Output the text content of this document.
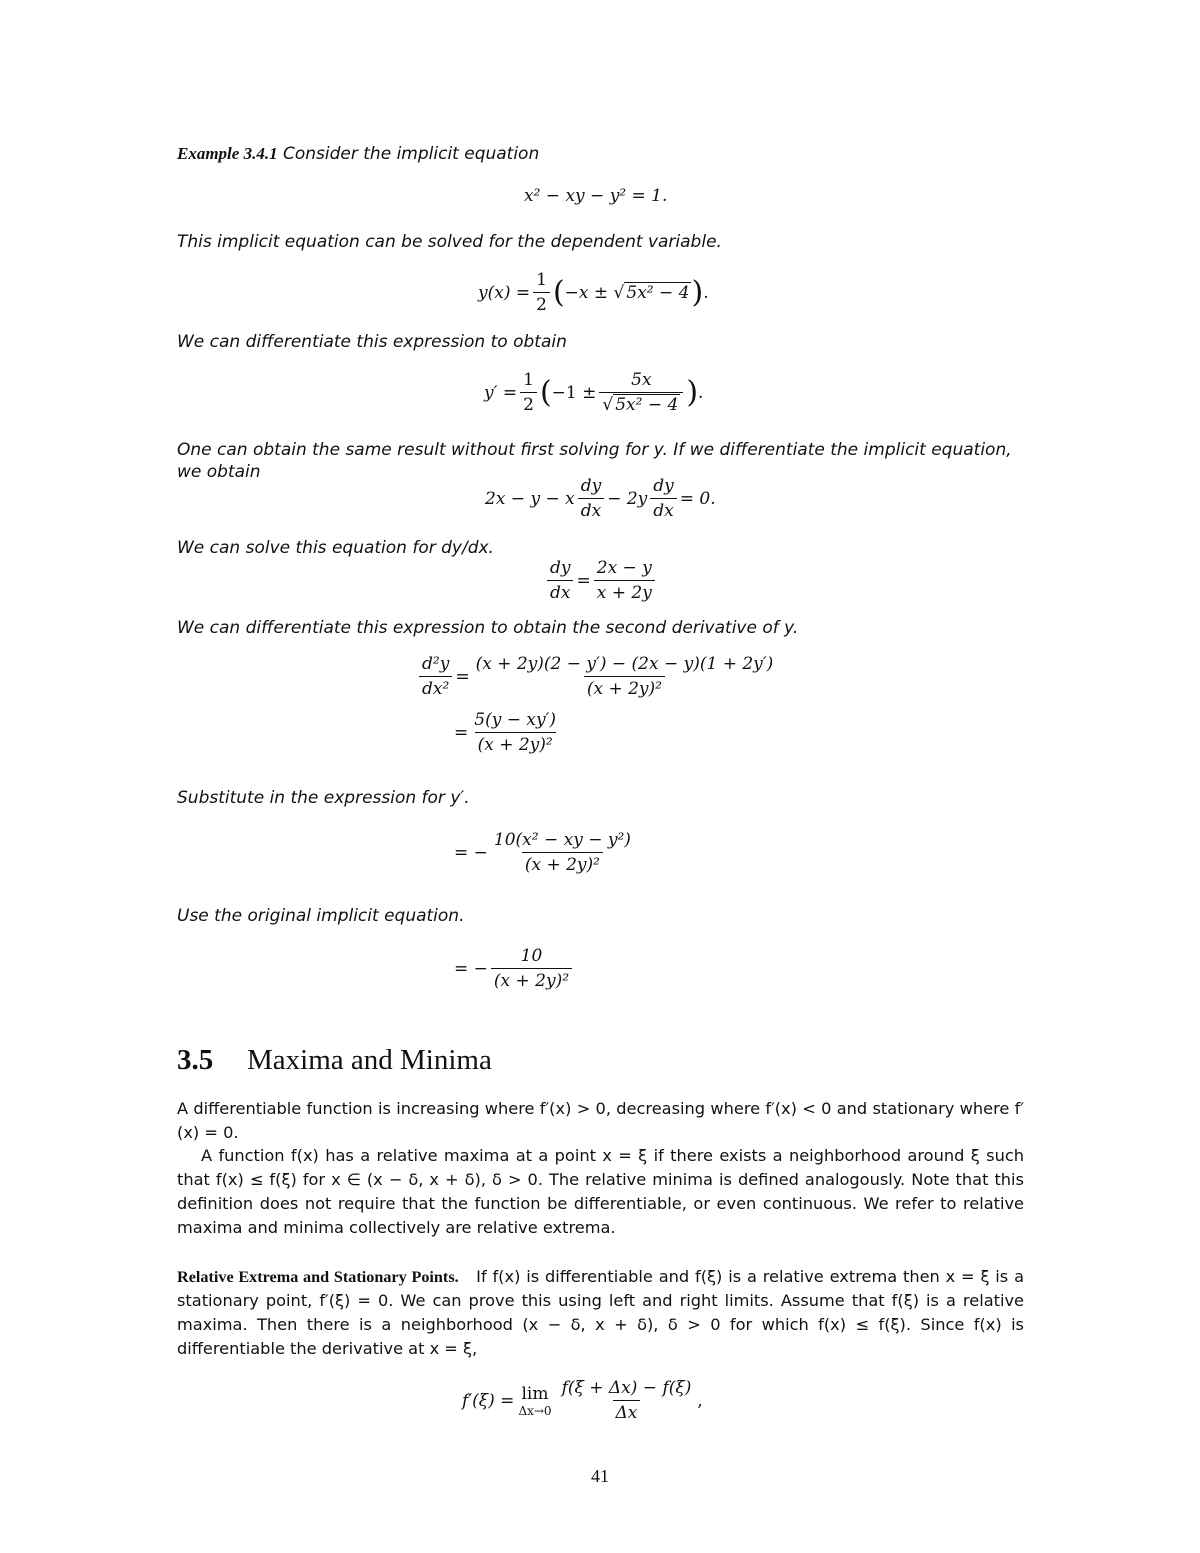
Example 3.4.1 Consider the implicit equation
x² − xy − y² = 1.
This implicit equation can be solved for the dependent variable.
$y(x) = \frac{1}{2}$ ( −x ± √ 5x² − 4 ) .
We can differentiate this expression to obtain
$y' = \frac{1}{2}$ ( $-1 \pm \frac{5x}{\text{√ 5x² − 4}}$ ) .
One can obtain the same result without first solving for y. If we differentiate the implicit equation,
we obtain
2x − y − x $\frac{dy}{dx} - 2y \frac{dy}{dx} = 0$.
We can solve this equation for dy/dx.
$\frac{dy}{dx} = \frac{2x - y}{x + 2y}$
We can differentiate this expression to obtain the second derivative of y.
$\frac{\text{d²y}}{\text{dx²}} = \frac{(x + 2y)(2 - y') - (2x - y)(1 + 2y')}{\text{(x + 2y)²}}$
= $\frac{5(y - xy')}{\text{(x + 2y)²}}$
Substitute in the expression for y′.
= − $\frac{\text{10(x² − xy − y²)}}{\text{(x + 2y)²}}$
Use the original implicit equation.
= − $\frac{10}{\text{(x + 2y)²}}$
3.5 Maxima and Minima
A differentiable function is increasing where f′(x) > 0, decreasing where f′(x) < 0 and stationary where f′(x) = 0.
A function f(x) has a relative maxima at a point x = ξ if there exists a neighborhood around ξ such that f(x) ≤ f(ξ) for x ∈ (x − δ, x + δ), δ > 0. The relative minima is defined analogously. Note that this definition does not require that the function be differentiable, or even continuous. We refer to relative maxima and minima collectively are relative extrema.
Relative Extrema and Stationary Points. If f(x) is differentiable and f(ξ) is a relative extrema then x = ξ is a stationary point, f′(ξ) = 0. We can prove this using left and right limits. Assume that f(ξ) is a relative maxima. Then there is a neighborhood (x − δ, x + δ), δ > 0 for which f(x) ≤ f(ξ). Since f(x) is differentiable the derivative at x = ξ,
f′(ξ) = lim
$\Delta x\to 0 \frac{f(\xi + \Delta x) - f(\xi)}{\Delta x}$ ,
41
